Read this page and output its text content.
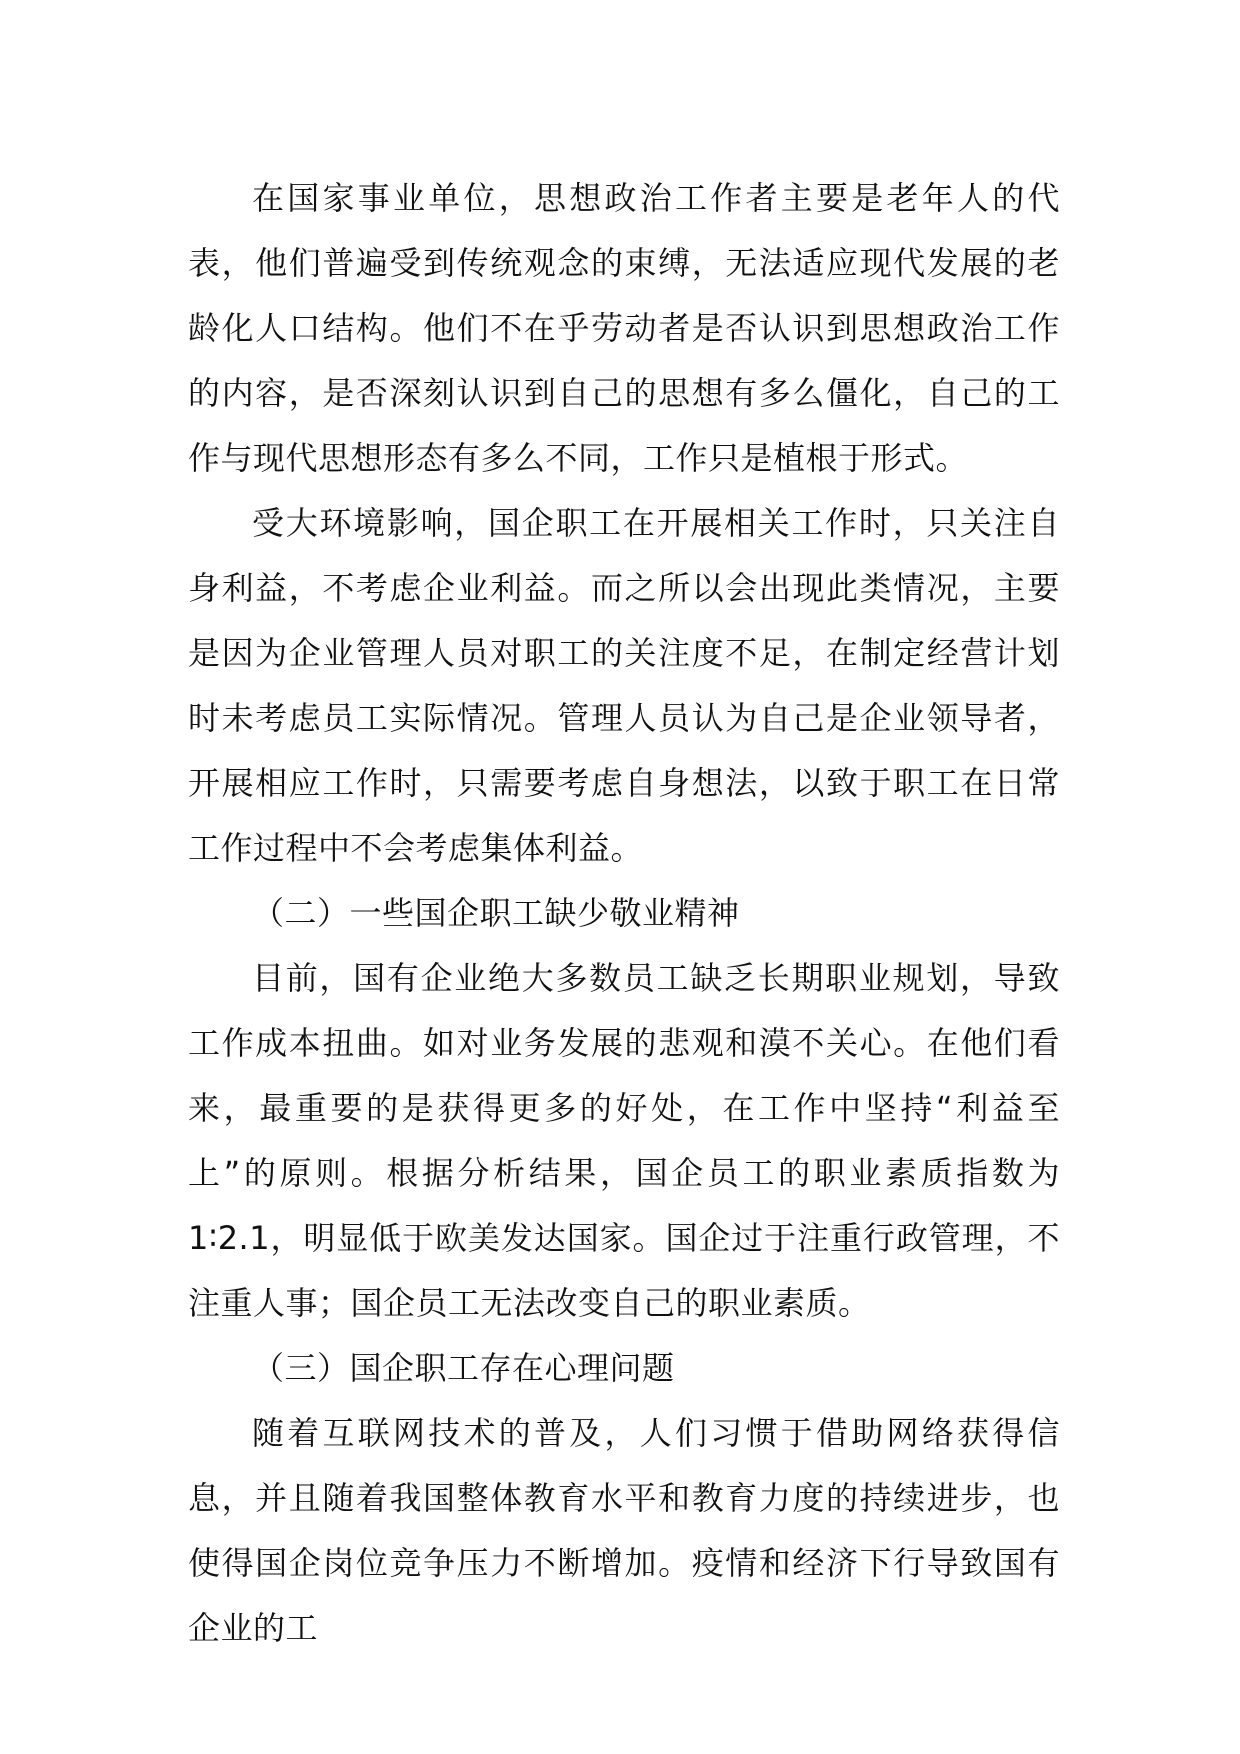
在国家事业单位，思想政治工作者主要是老年人的代表，他们普遍受到传统观念的束缚，无法适应现代发展的老龄化人口结构。他们不在乎劳动者是否认识到思想政治工作的内容，是否深刻认识到自己的思想有多么僵化，自己的工作与现代思想形态有多么不同，工作只是植根于形式。

受大环境影响，国企职工在开展相关工作时，只关注自身利益，不考虑企业利益。而之所以会出现此类情况，主要是因为企业管理人员对职工的关注度不足，在制定经营计划时未考虑员工实际情况。管理人员认为自己是企业领导者，开展相应工作时，只需要考虑自身想法，以致于职工在日常工作过程中不会考虑集体利益。

（二）一些国企职工缺少敬业精神

目前，国有企业绝大多数员工缺乏长期职业规划，导致工作成本扭曲。如对业务发展的悲观和漠不关心。在他们看来，最重要的是获得更多的好处，在工作中坚持“利益至上”的原则。根据分析结果，国企员工的职业素质指数为 1∶2.1，明显低于欧美发达国家。国企过于注重行政管理，不注重人事；国企员工无法改变自己的职业素质。

（三）国企职工存在心理问题

随着互联网技术的普及，人们习惯于借助网络获得信息，并且随着我国整体教育水平和教育力度的持续进步，也使得国企岗位竞争压力不断增加。疫情和经济下行导致国有企业的工
